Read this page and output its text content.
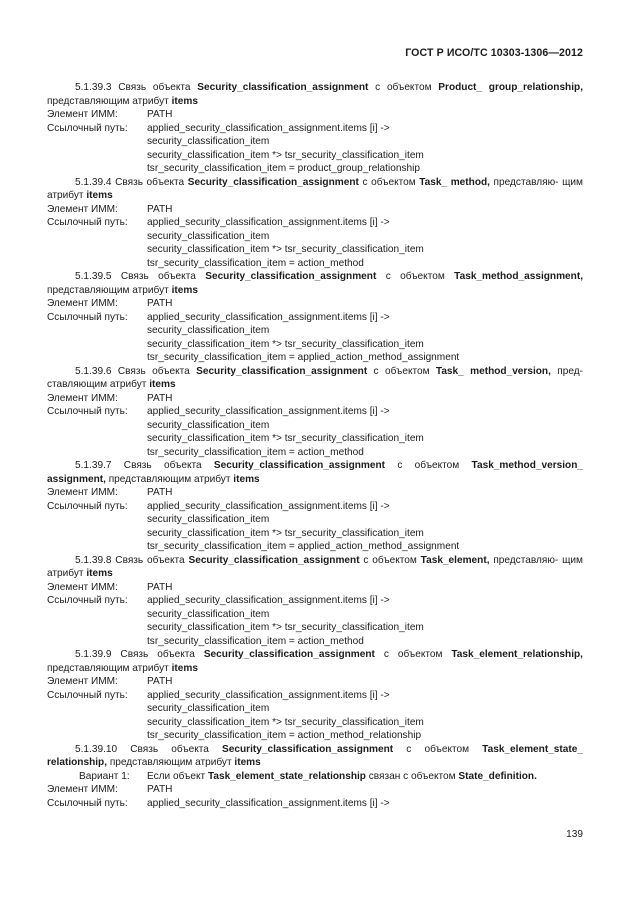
ГОСТ Р ИСО/ТС 10303-1306—2012
5.1.39.3 Связь объекта Security_classification_assignment с объектом Product_ group_relationship, представляющим атрибут items
Элемент ИММ:	PATH
Ссылочный путь:	applied_security_classification_assignment.items [i] ->
security_classification_item
security_classification_item *> tsr_security_classification_item
tsr_security_classification_item = product_group_relationship
5.1.39.4 Связь объекта Security_classification_assignment с объектом Task_ method, представляю- щим атрибут items
Элемент ИММ:	PATH
Ссылочный путь:	applied_security_classification_assignment.items [i] ->
security_classification_item
security_classification_item *> tsr_security_classification_item
tsr_security_classification_item = action_method
5.1.39.5 Связь объекта Security_classification_assignment с объектом Task_method_assignment, представляющим атрибут items
Элемент ИММ:	PATH
Ссылочный путь:	applied_security_classification_assignment.items [i] ->
security_classification_item
security_classification_item *> tsr_security_classification_item
tsr_security_classification_item = applied_action_method_assignment
5.1.39.6 Связь объекта Security_classification_assignment с объектом Task_ method_version, пред- ставляющим атрибут items
Элемент ИММ:	PATH
Ссылочный путь:	applied_security_classification_assignment.items [i] ->
security_classification_item
security_classification_item *> tsr_security_classification_item
tsr_security_classification_item = action_method
5.1.39.7 Связь объекта Security_classification_assignment с объектом Task_method_version_ assignment, представляющим атрибут items
Элемент ИММ:	PATH
Ссылочный путь:	applied_security_classification_assignment.items [i] ->
security_classification_item
security_classification_item *> tsr_security_classification_item
tsr_security_classification_item = applied_action_method_assignment
5.1.39.8 Связь объекта Security_classification_assignment с объектом Task_element, представляю- щим атрибут items
Элемент ИММ:	PATH
Ссылочный путь:	applied_security_classification_assignment.items [i] ->
security_classification_item
security_classification_item *> tsr_security_classification_item
tsr_security_classification_item = action_method
5.1.39.9 Связь объекта Security_classification_assignment с объектом Task_element_relationship, представляющим атрибут items
Элемент ИММ:	PATH
Ссылочный путь:	applied_security_classification_assignment.items [i] ->
security_classification_item
security_classification_item *> tsr_security_classification_item
tsr_security_classification_item = action_method_relationship
5.1.39.10 Связь объекта Security_classification_assignment с объектом Task_element_state_ relationship, представляющим атрибут items
Вариант 1:	Если объект Task_element_state_relationship связан с объектом State_definition.
Элемент ИММ:	PATH
Ссылочный путь:	applied_security_classification_assignment.items [i] ->
139
